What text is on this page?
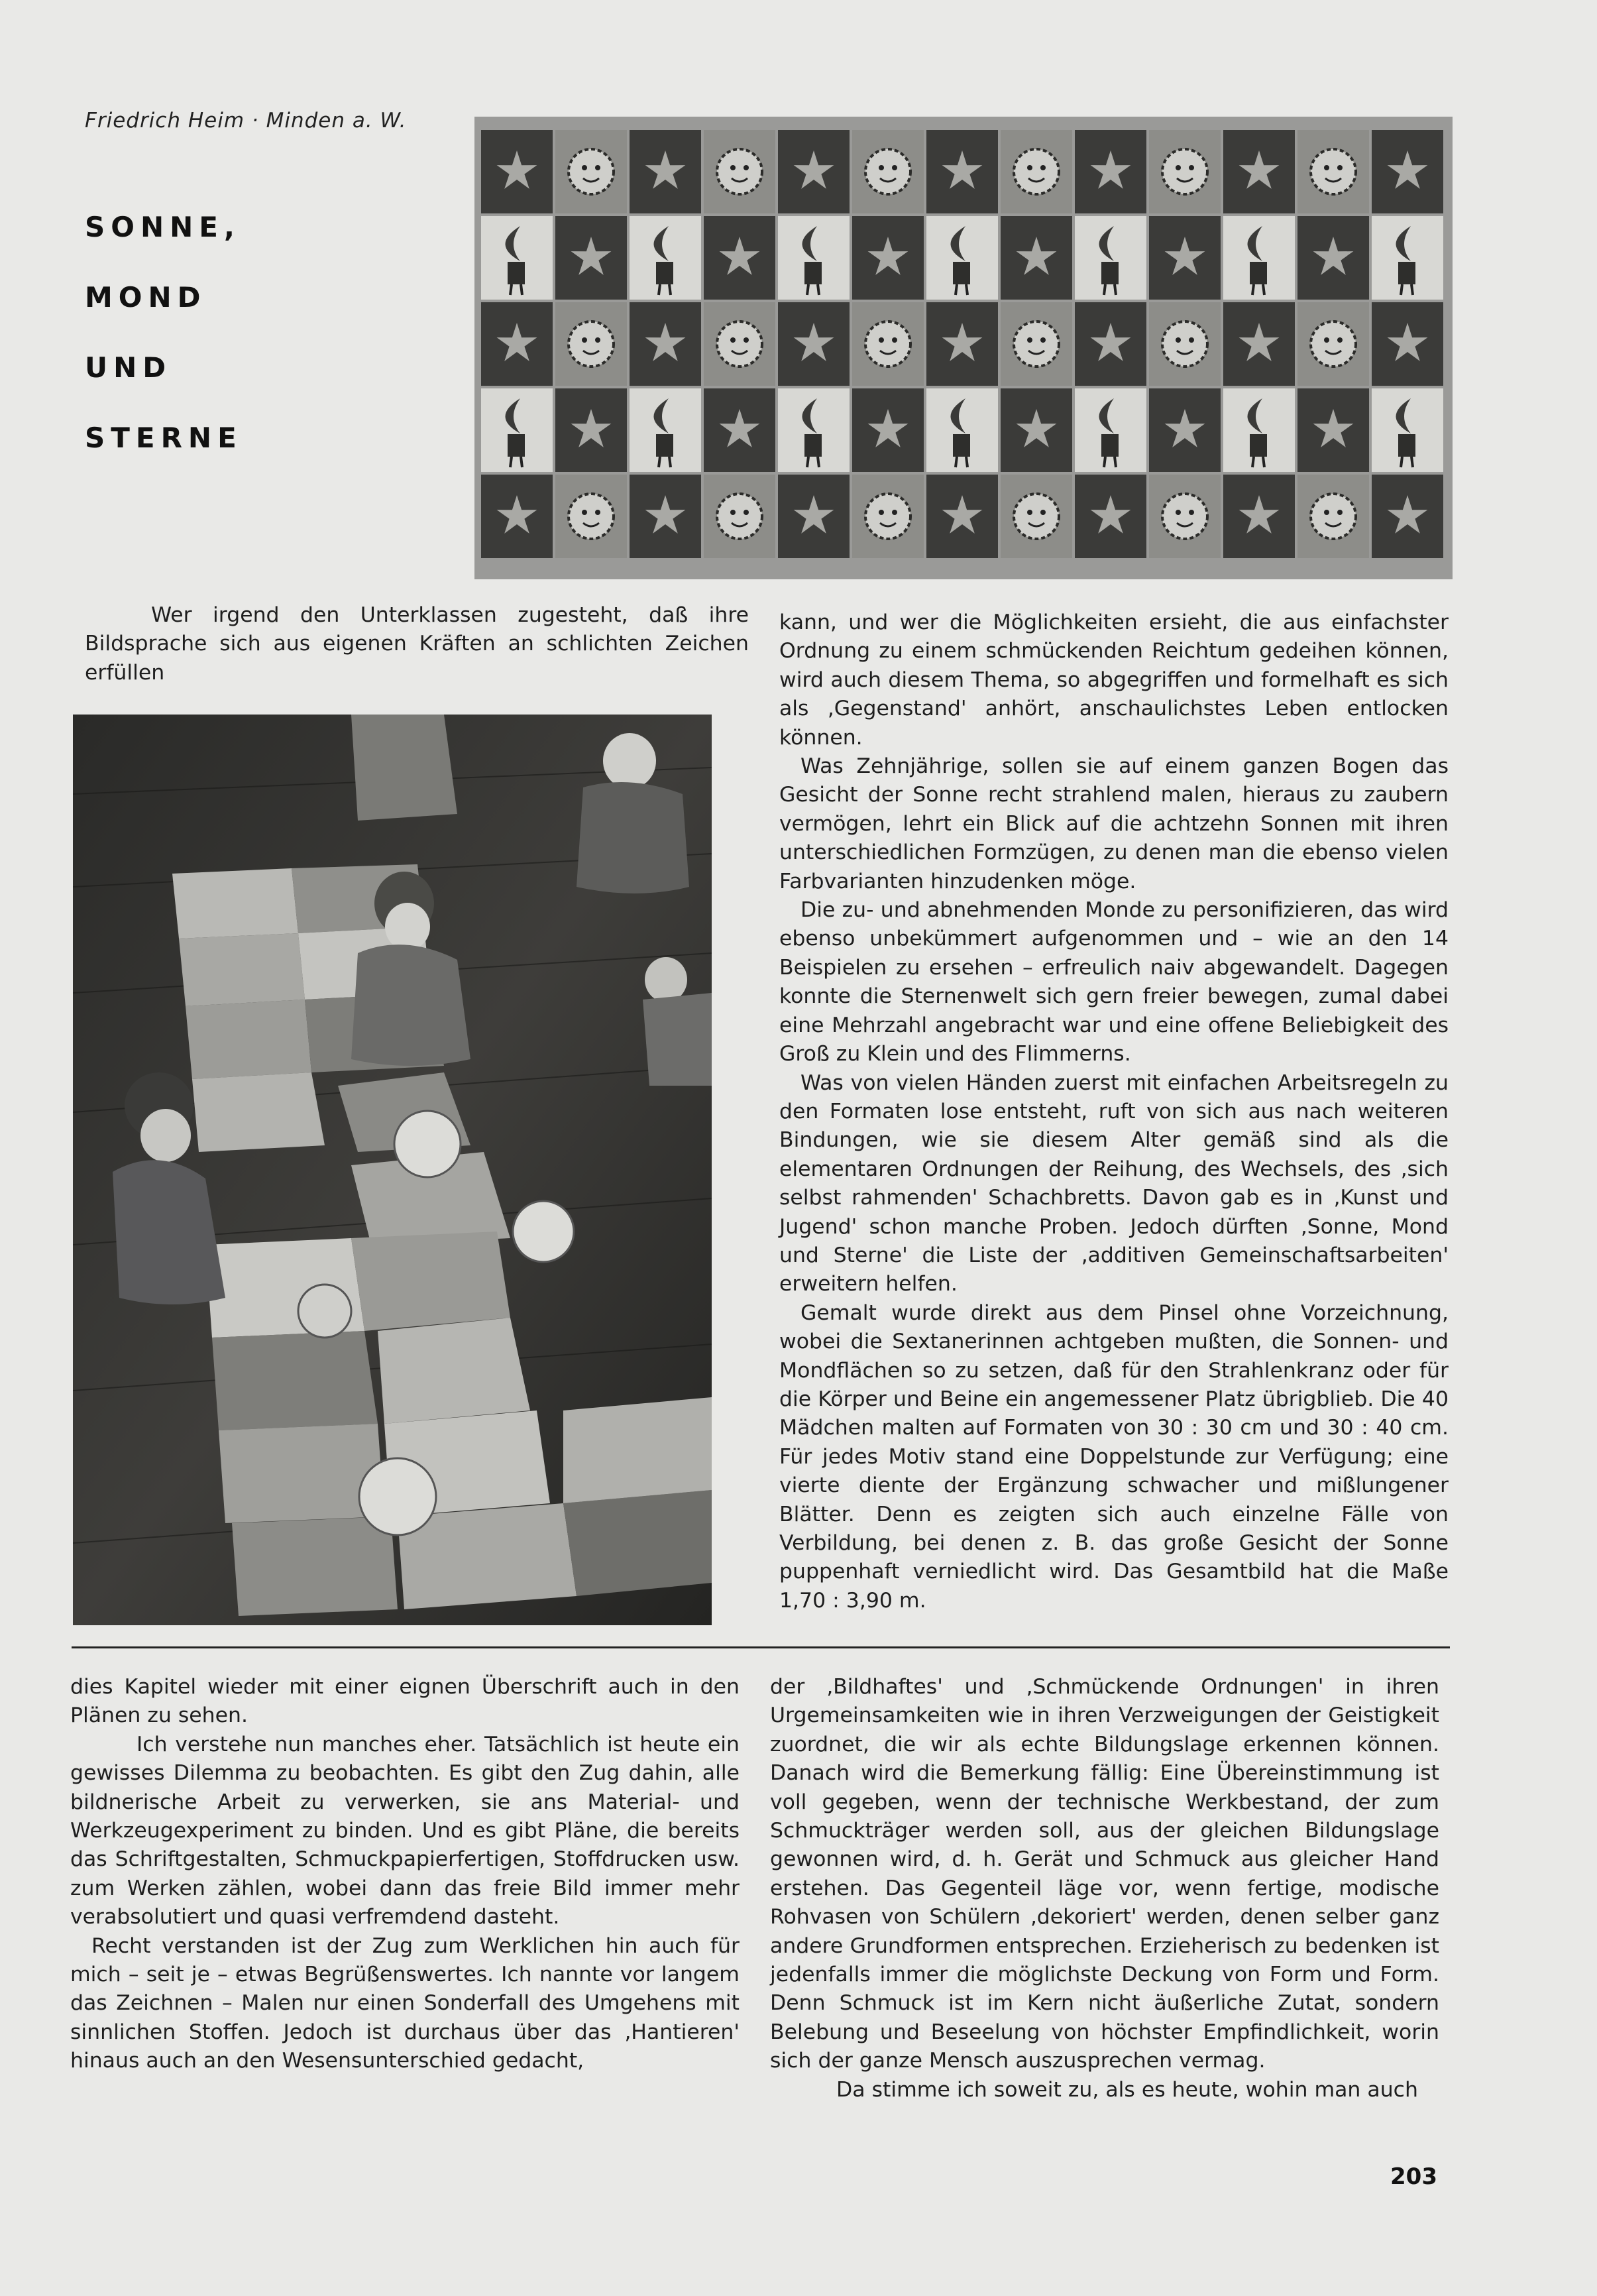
Friedrich Heim · Minden a. W.
SONNE,
MOND
UND
STERNE

Wer irgend den Unterklassen zugesteht, daß ihre Bildsprache sich aus eigenen Kräften an schlichten Zeichen erfüllen

kann, und wer die Möglichkeiten ersieht, die aus einfachster Ordnung zu einem schmückenden Reichtum gedeihen können, wird auch diesem Thema, so abgegriffen und formelhaft es sich als ‚Gegenstand' anhört, anschaulichstes Leben entlocken können.

Was Zehnjährige, sollen sie auf einem ganzen Bogen das Gesicht der Sonne recht strahlend malen, hieraus zu zaubern vermögen, lehrt ein Blick auf die achtzehn Sonnen mit ihren unterschiedlichen Formzügen, zu denen man die ebenso vielen Farbvarianten hinzudenken möge.

Die zu- und abnehmenden Monde zu personifizieren, das wird ebenso unbekümmert aufgenommen und – wie an den 14 Beispielen zu ersehen – erfreulich naiv abgewandelt. Dagegen konnte die Sternenwelt sich gern freier bewegen, zumal dabei eine Mehrzahl angebracht war und eine offene Beliebigkeit des Groß zu Klein und des Flimmerns.

Was von vielen Händen zuerst mit einfachen Arbeitsregeln zu den Formaten lose entsteht, ruft von sich aus nach weiteren Bindungen, wie sie diesem Alter gemäß sind als die elementaren Ordnungen der Reihung, des Wechsels, des ‚sich selbst rahmenden' Schachbretts. Davon gab es in ‚Kunst und Jugend' schon manche Proben. Jedoch dürften ‚Sonne, Mond und Sterne' die Liste der ‚additiven Gemeinschaftsarbeiten' erweitern helfen.

Gemalt wurde direkt aus dem Pinsel ohne Vorzeichnung, wobei die Sextanerinnen achtgeben mußten, die Sonnen- und Mondflächen so zu setzen, daß für den Strahlenkranz oder für die Körper und Beine ein angemessener Platz übrigblieb. Die 40 Mädchen malten auf Formaten von 30 : 30 cm und 30 : 40 cm. Für jedes Motiv stand eine Doppelstunde zur Verfügung; eine vierte diente der Ergänzung schwacher und mißlungener Blätter. Denn es zeigten sich auch einzelne Fälle von Verbildung, bei denen z. B. das große Gesicht der Sonne puppenhaft verniedlicht wird. Das Gesamtbild hat die Maße 1,70 : 3,90 m.

dies Kapitel wieder mit einer eignen Überschrift auch in den Plänen zu sehen.

Ich verstehe nun manches eher. Tatsächlich ist heute ein gewisses Dilemma zu beobachten. Es gibt den Zug dahin, alle bildnerische Arbeit zu verwerken, sie ans Material- und Werkzeugexperiment zu binden. Und es gibt Pläne, die bereits das Schriftgestalten, Schmuckpapierfertigen, Stoffdrucken usw. zum Werken zählen, wobei dann das freie Bild immer mehr verabsolutiert und quasi verfremdend dasteht.

Recht verstanden ist der Zug zum Werklichen hin auch für mich – seit je – etwas Begrüßenswertes. Ich nannte vor langem das Zeichnen – Malen nur einen Sonderfall des Umgehens mit sinnlichen Stoffen. Jedoch ist durchaus über das ‚Hantieren' hinaus auch an den Wesensunterschied gedacht,

der ‚Bildhaftes' und ‚Schmückende Ordnungen' in ihren Urgemeinsamkeiten wie in ihren Verzweigungen der Geistigkeit zuordnet, die wir als echte Bildungslage erkennen können. Danach wird die Bemerkung fällig: Eine Übereinstimmung ist voll gegeben, wenn der technische Werkbestand, der zum Schmuckträger werden soll, aus der gleichen Bildungslage gewonnen wird, d. h. Gerät und Schmuck aus gleicher Hand erstehen. Das Gegenteil läge vor, wenn fertige, modische Rohvasen von Schülern ‚dekoriert' werden, denen selber ganz andere Grundformen entsprechen. Erzieherisch zu bedenken ist jedenfalls immer die möglichste Deckung von Form und Form. Denn Schmuck ist im Kern nicht äußerliche Zutat, sondern Belebung und Beseelung von höchster Empfindlichkeit, worin sich der ganze Mensch auszusprechen vermag.

Da stimme ich soweit zu, als es heute, wohin man auch

203
